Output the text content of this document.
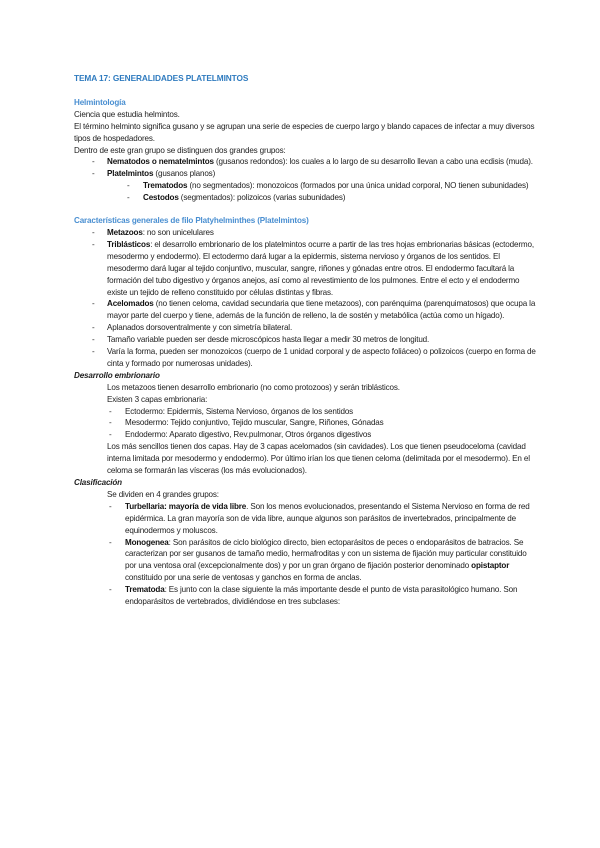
TEMA 17: GENERALIDADES PLATELMINTOS
Helmintología

Ciencia que estudia helmintos.

El término helminto significa gusano y se agrupan una serie de especies de cuerpo largo y blando capaces de infectar a muy diversos tipos de hospedadores.

Dentro de este gran grupo se distinguen dos grandes grupos:

- Nematodos o nematelmintos (gusanos redondos): los cuales a lo largo de su desarrollo llevan a cabo una ecdisis (muda).
- Platelmintos (gusanos planos)
- Trematodos (no segmentados): monozoicos (formados por una única unidad corporal, NO tienen subunidades)
- Cestodos (segmentados): polizoicos (varias subunidades)
Características generales de filo Platyhelminthes (Platelmintos)
- Metazoos: no son unicelulares
- Triblásticos: el desarrollo embrionario de los platelmintos ocurre a partir de las tres hojas embrionarias básicas (ectodermo, mesodermo y endodermo). El ectodermo dará lugar a la epidermis, sistema nervioso y órganos de los sentidos. El mesodermo dará lugar al tejido conjuntivo, muscular, sangre, riñones y gónadas entre otros. El endodermo facultará la formación del tubo digestivo y órganos anejos, así como al revestimiento de los pulmones. Entre el ecto y el endodermo existe un tejido de relleno constituido por células distintas y fibras.
- Acelomados (no tienen celoma, cavidad secundaria que tiene metazoos), con parénquima (parenquimatosos) que ocupa la mayor parte del cuerpo y tiene, además de la función de relleno, la de sostén y metabólica (actúa como un hígado).
- Aplanados dorsoventralmente y con simetría bilateral.
- Tamaño variable pueden ser desde microscópicos hasta llegar a medir 30 metros de longitud.
- Varía la forma, pueden ser monozoicos (cuerpo de 1 unidad corporal y de aspecto foliáceo) o polizoicos (cuerpo en forma de cinta y formado por numerosas unidades).
Desarrollo embrionario

Los metazoos tienen desarrollo embrionario (no como protozoos) y serán triblásticos.

Existen 3 capas embrionaria:

- Ectodermo: Epidermis, Sistema Nervioso, órganos de los sentidos
- Mesodermo: Tejido conjuntivo, Tejido muscular, Sangre, Riñones, Gónadas
- Endodermo: Aparato digestivo, Rev.pulmonar, Otros órganos digestivos

Los más sencillos tienen dos capas. Hay de 3 capas acelomados (sin cavidades). Los que tienen pseudoceloma (cavidad interna limitada por mesodermo y endodermo). Por último irían los que tienen celoma (delimitada por el mesodermo). En el celoma se formarán las vísceras (los más evolucionados).

Clasificación

Se dividen en 4 grandes grupos:

- Turbellaria: mayoría de vida libre. Son los menos evolucionados, presentando el Sistema Nervioso en forma de red epidérmica. La gran mayoría son de vida libre, aunque algunos son parásitos de invertebrados, principalmente de equinodermos y moluscos.
- Monogenea: Son parásitos de ciclo biológico directo, bien ectoparásitos de peces o endoparásitos de batracios. Se caracterizan por ser gusanos de tamaño medio, hermafroditas y con un sistema de fijación muy particular constituido por una ventosa oral (excepcionalmente dos) y por un gran órgano de fijación posterior denominado opistaptor constituido por una serie de ventosas y ganchos en forma de anclas.
- Trematoda: Es junto con la clase siguiente la más importante desde el punto de vista parasitológico humano. Son endoparásitos de vertebrados, dividiéndose en tres subclases:
